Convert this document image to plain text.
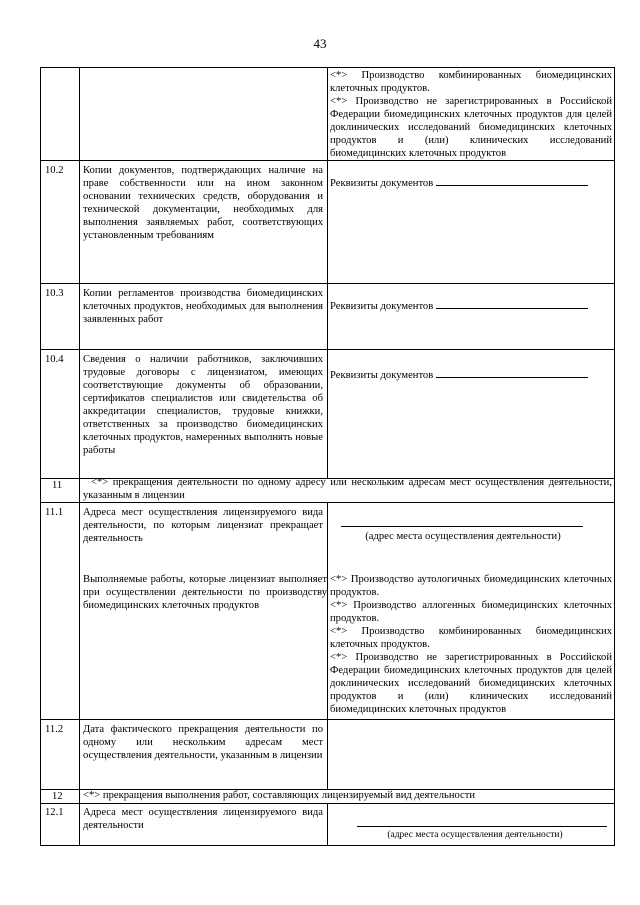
43

<*> Производство комбинированных биомедицинских клеточных продуктов.

<*> Производство не зарегистрированных в Российской Федерации биомедицинских клеточных продуктов для целей доклинических исследований биомедицинских клеточных продуктов и (или) клинических исследований биомедицинских клеточных продуктов

10.2 Копии документов, подтверждающих наличие на праве собственности или на ином законном основании технических средств, оборудования и технической документации, необходимых для выполнения заявляемых работ, соответствующих установленным требованиям
Реквизиты документов
10.3 Копии регламентов производства биомедицинских клеточных продуктов, необходимых для выполнения заявленных работ
Реквизиты документов
10.4 Сведения о наличии работников, заключивших трудовые договоры с лицензиатом, имеющих соответствующие документы об образовании, сертификатов специалистов или свидетельства об аккредитации специалистов, трудовые книжки, ответственных за производство биомедицинских клеточных продуктов, намеренных выполнять новые работы
Реквизиты документов
11	<*> прекращения деятельности по одному адресу или нескольким адресам мест осуществления деятельности, указанным в лицензии
11.1 Адреса мест осуществления лицензируемого вида деятельности, по которым лицензиат прекращает деятельность	(адрес места осуществления деятельности)
Выполняемые работы, которые лицензиат выполняет при осуществлении деятельности по производству биомедицинских клеточных продуктов

<*> Производство аутологичных биомедицинских клеточных продуктов.

<*> Производство аллогенных биомедицинских клеточных продуктов.

<*> Производство комбинированных биомедицинских клеточных продуктов.

<*> Производство не зарегистрированных в Российской Федерации биомедицинских клеточных продуктов для целей доклинических исследований биомедицинских клеточных продуктов и (или) клинических исследований биомедицинских клеточных продуктов

11.2 Дата фактического прекращения деятельности по одному или нескольким адресам мест осуществления деятельности, указанным в лицензии
12 <*> прекращения выполнения работ, составляющих лицензируемый вид деятельности
12.1 Адреса мест осуществления лицензируемого вида деятельности
(адрес места осуществления деятельности)
